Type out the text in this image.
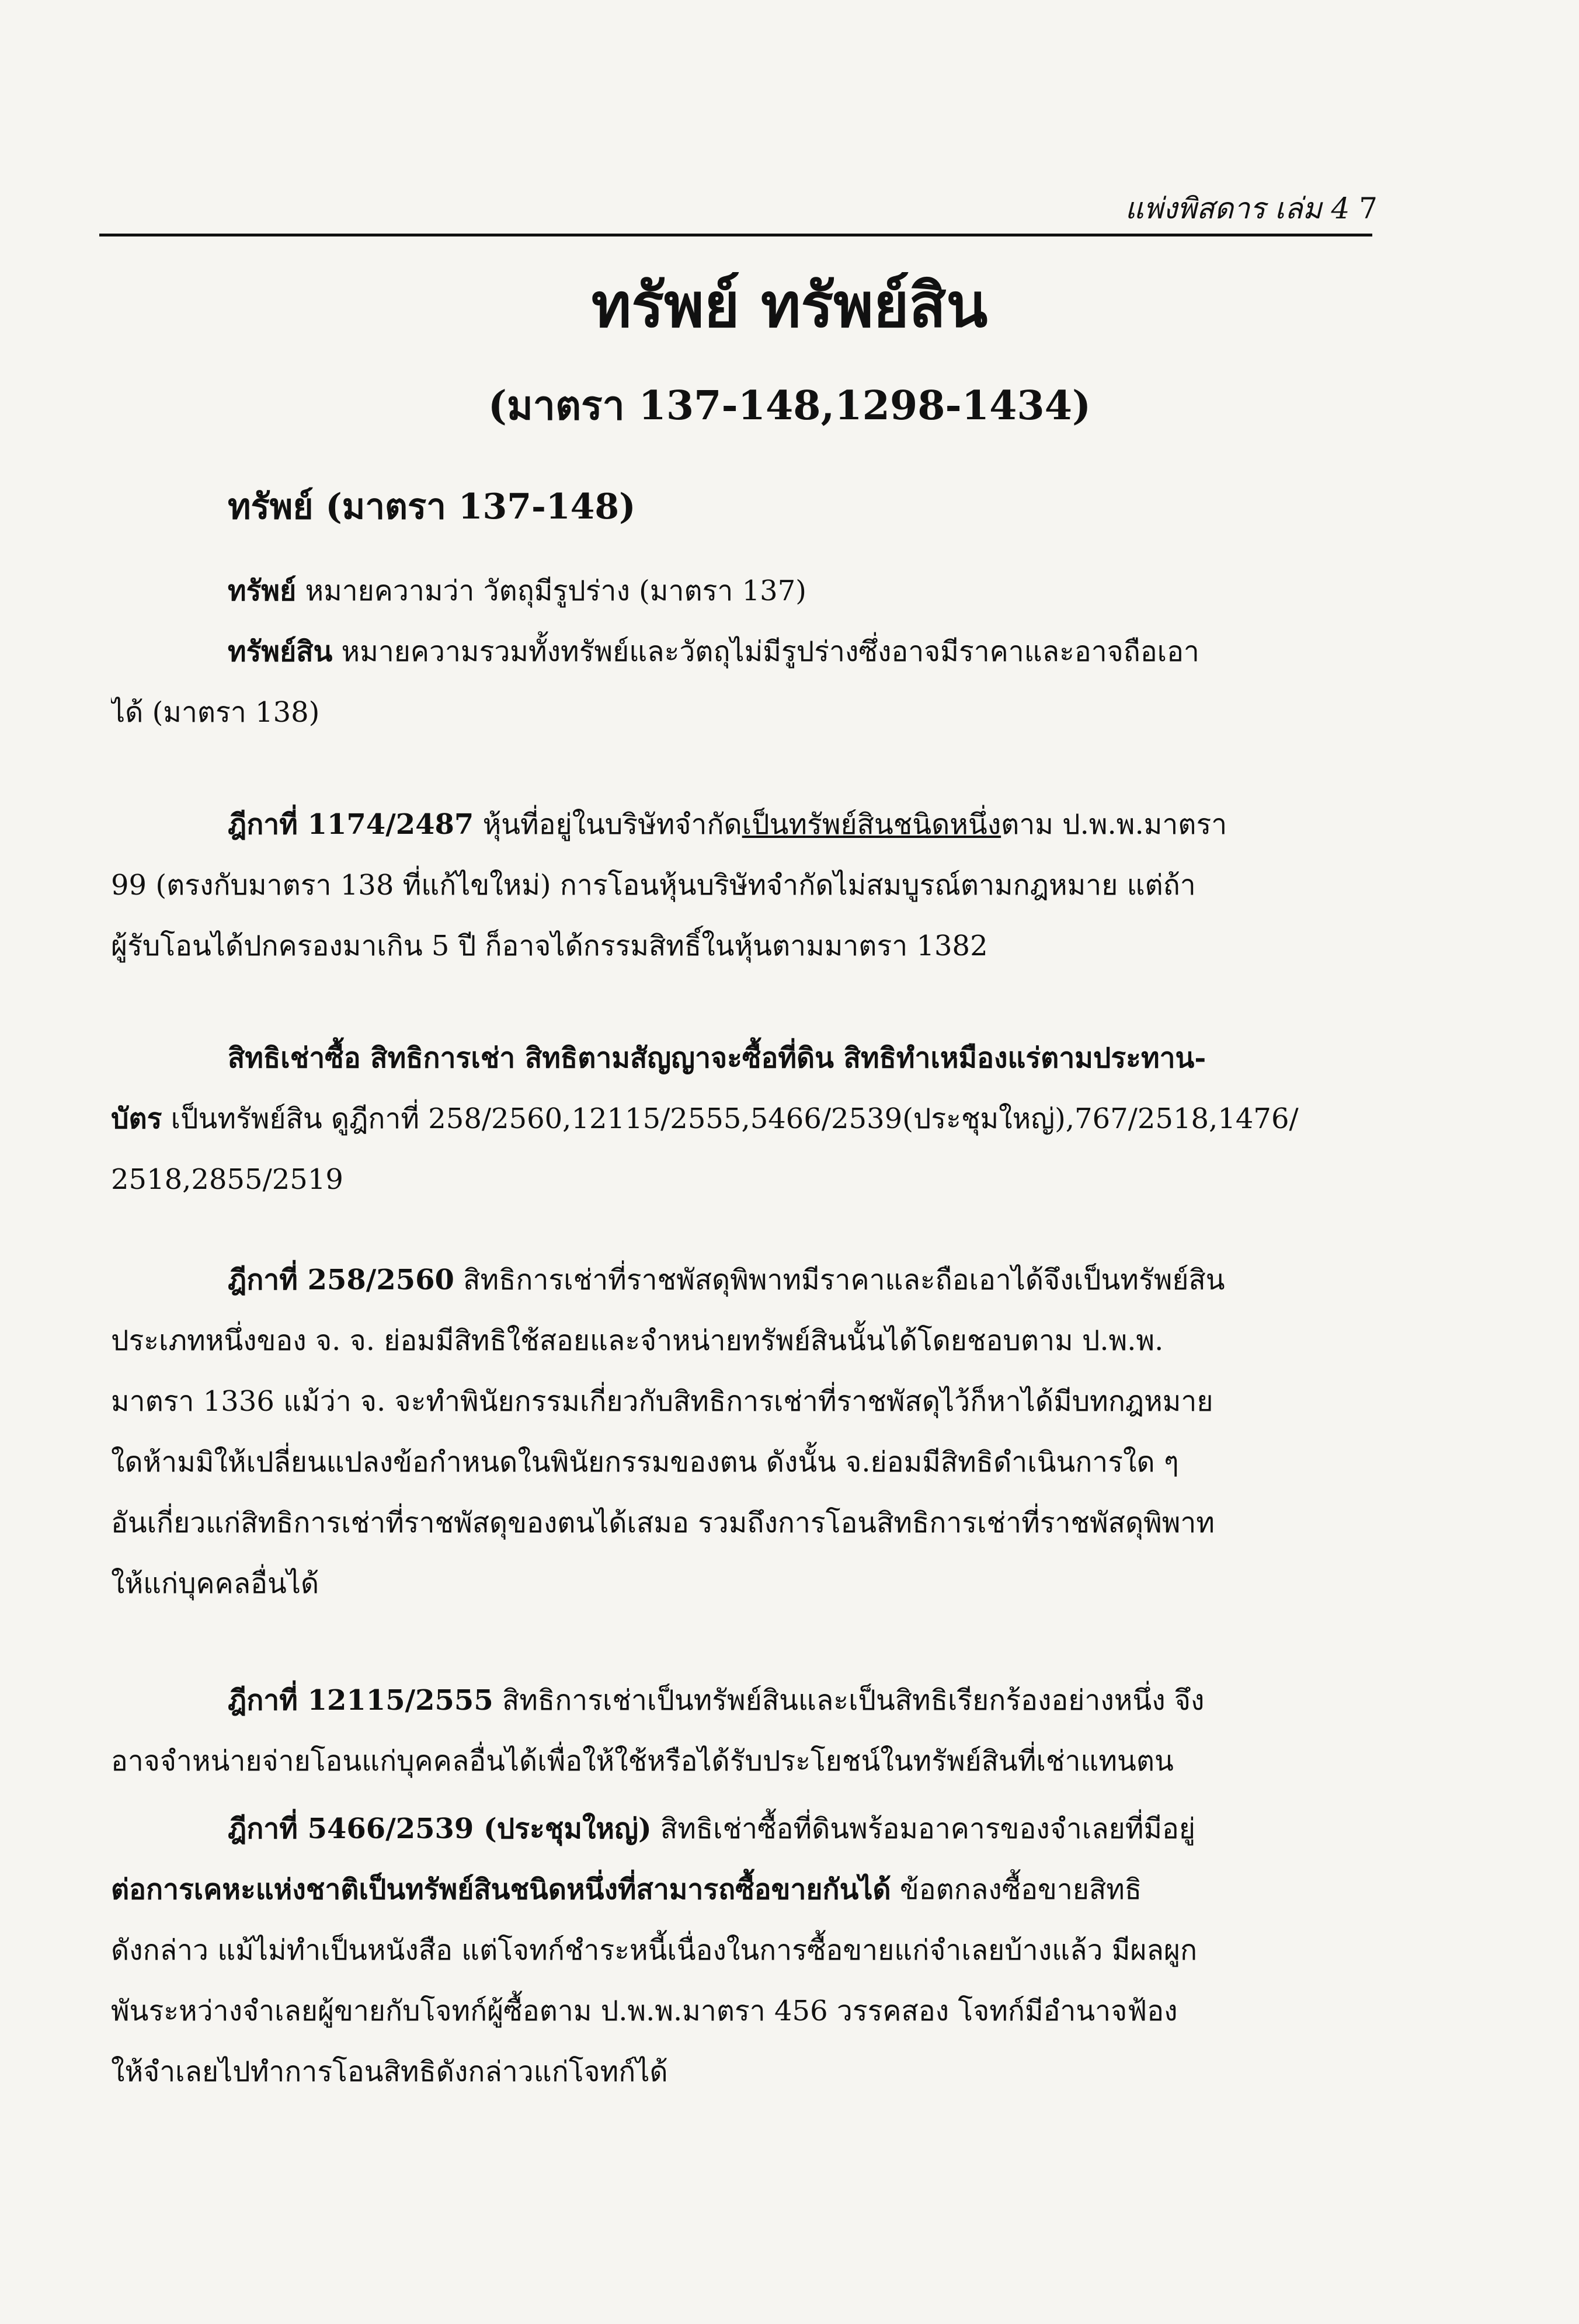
แพ่งพิสดาร เล่ม 4 7
ทรัพย์ ทรัพย์สิน
(มาตรา 137-148,1298-1434)
ทรัพย์ (มาตรา 137-148)
ทรัพย์ หมายความว่า วัตถุมีรูปร่าง (มาตรา 137)
ทรัพย์สิน หมายความรวมทั้งทรัพย์และวัตถุไม่มีรูปร่างซึ่งอาจมีราคาและอาจถือเอา
ได้ (มาตรา 138)
ฎีกาที่ 1174/2487 หุ้นที่อยู่ในบริษัทจำกัดเป็นทรัพย์สินชนิดหนึ่งตาม ป.พ.พ.มาตรา
99 (ตรงกับมาตรา 138 ที่แก้ไขใหม่) การโอนหุ้นบริษัทจำกัดไม่สมบูรณ์ตามกฎหมาย แต่ถ้า
ผู้รับโอนได้ปกครองมาเกิน 5 ปี ก็อาจได้กรรมสิทธิ์ในหุ้นตามมาตรา 1382
สิทธิเช่าซื้อ สิทธิการเช่า สิทธิตามสัญญาจะซื้อที่ดิน สิทธิทำเหมืองแร่ตามประทาน-
บัตร เป็นทรัพย์สิน ดูฎีกาที่ 258/2560,12115/2555,5466/2539(ประชุมใหญ่),767/2518,1476/
2518,2855/2519
ฎีกาที่ 258/2560 สิทธิการเช่าที่ราชพัสดุพิพาทมีราคาและถือเอาได้จึงเป็นทรัพย์สิน
ประเภทหนึ่งของ จ. จ. ย่อมมีสิทธิใช้สอยและจำหน่ายทรัพย์สินนั้นได้โดยชอบตาม ป.พ.พ.
มาตรา 1336 แม้ว่า จ. จะทำพินัยกรรมเกี่ยวกับสิทธิการเช่าที่ราชพัสดุไว้ก็หาได้มีบทกฎหมาย
ใดห้ามมิให้เปลี่ยนแปลงข้อกำหนดในพินัยกรรมของตน ดังนั้น จ.ย่อมมีสิทธิดำเนินการใด ๆ
อันเกี่ยวแก่สิทธิการเช่าที่ราชพัสดุของตนได้เสมอ รวมถึงการโอนสิทธิการเช่าที่ราชพัสดุพิพาท
ให้แก่บุคคลอื่นได้
ฎีกาที่ 12115/2555 สิทธิการเช่าเป็นทรัพย์สินและเป็นสิทธิเรียกร้องอย่างหนึ่ง จึง
อาจจำหน่ายจ่ายโอนแก่บุคคลอื่นได้เพื่อให้ใช้หรือได้รับประโยชน์ในทรัพย์สินที่เช่าแทนตน
ฎีกาที่ 5466/2539 (ประชุมใหญ่) สิทธิเช่าซื้อที่ดินพร้อมอาคารของจำเลยที่มีอยู่
ต่อการเคหะแห่งชาติเป็นทรัพย์สินชนิดหนึ่งที่สามารถซื้อขายกันได้ ข้อตกลงซื้อขายสิทธิ
ดังกล่าว แม้ไม่ทำเป็นหนังสือ แต่โจทก์ชำระหนี้เนื่องในการซื้อขายแก่จำเลยบ้างแล้ว มีผลผูก
พันระหว่างจำเลยผู้ขายกับโจทก์ผู้ซื้อตาม ป.พ.พ.มาตรา 456 วรรคสอง โจทก์มีอำนาจฟ้อง
ให้จำเลยไปทำการโอนสิทธิดังกล่าวแก่โจทก์ได้
